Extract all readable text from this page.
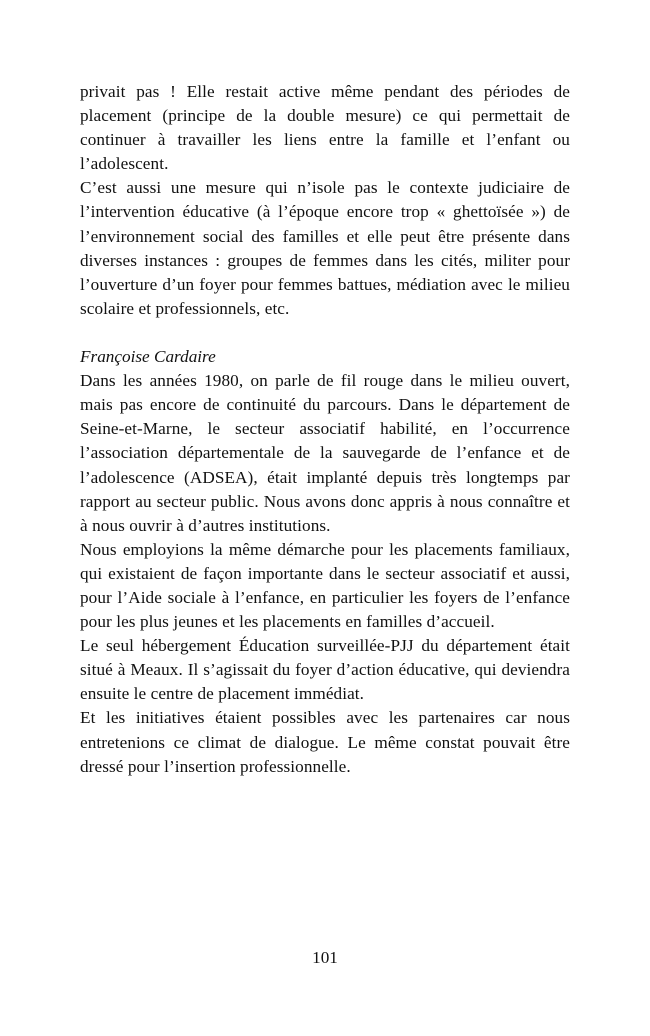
privait pas ! Elle restait active même pendant des périodes de placement (principe de la double mesure) ce qui permettait de continuer à travailler les liens entre la famille et l’enfant ou l’adolescent.

C’est aussi une mesure qui n’isole pas le contexte judiciaire de l’intervention éducative (à l’époque encore trop « ghettoïsée ») de l’environnement social des familles et elle peut être présente dans diverses instances : groupes de femmes dans les cités, militer pour l’ouverture d’un foyer pour femmes battues, médiation avec le milieu scolaire et professionnels, etc.

Françoise Cardaire

Dans les années 1980, on parle de fil rouge dans le milieu ouvert, mais pas encore de continuité du parcours. Dans le département de Seine-et-Marne, le secteur associatif habilité, en l’occurrence l’association départementale de la sauvegarde de l’enfance et de l’adolescence (ADSEA), était implanté depuis très longtemps par rapport au secteur public. Nous avons donc appris à nous connaître et à nous ouvrir à d’autres institutions.

Nous employions la même démarche pour les placements familiaux, qui existaient de façon importante dans le secteur associatif et aussi, pour l’Aide sociale à l’enfance, en particulier les foyers de l’enfance pour les plus jeunes et les placements en familles d’accueil.

Le seul hébergement Éducation surveillée-PJJ du département était situé à Meaux. Il s’agissait du foyer d’action éducative, qui deviendra ensuite le centre de placement immédiat.

Et les initiatives étaient possibles avec les partenaires car nous entretenions ce climat de dialogue. Le même constat pouvait être dressé pour l’insertion professionnelle.

101
